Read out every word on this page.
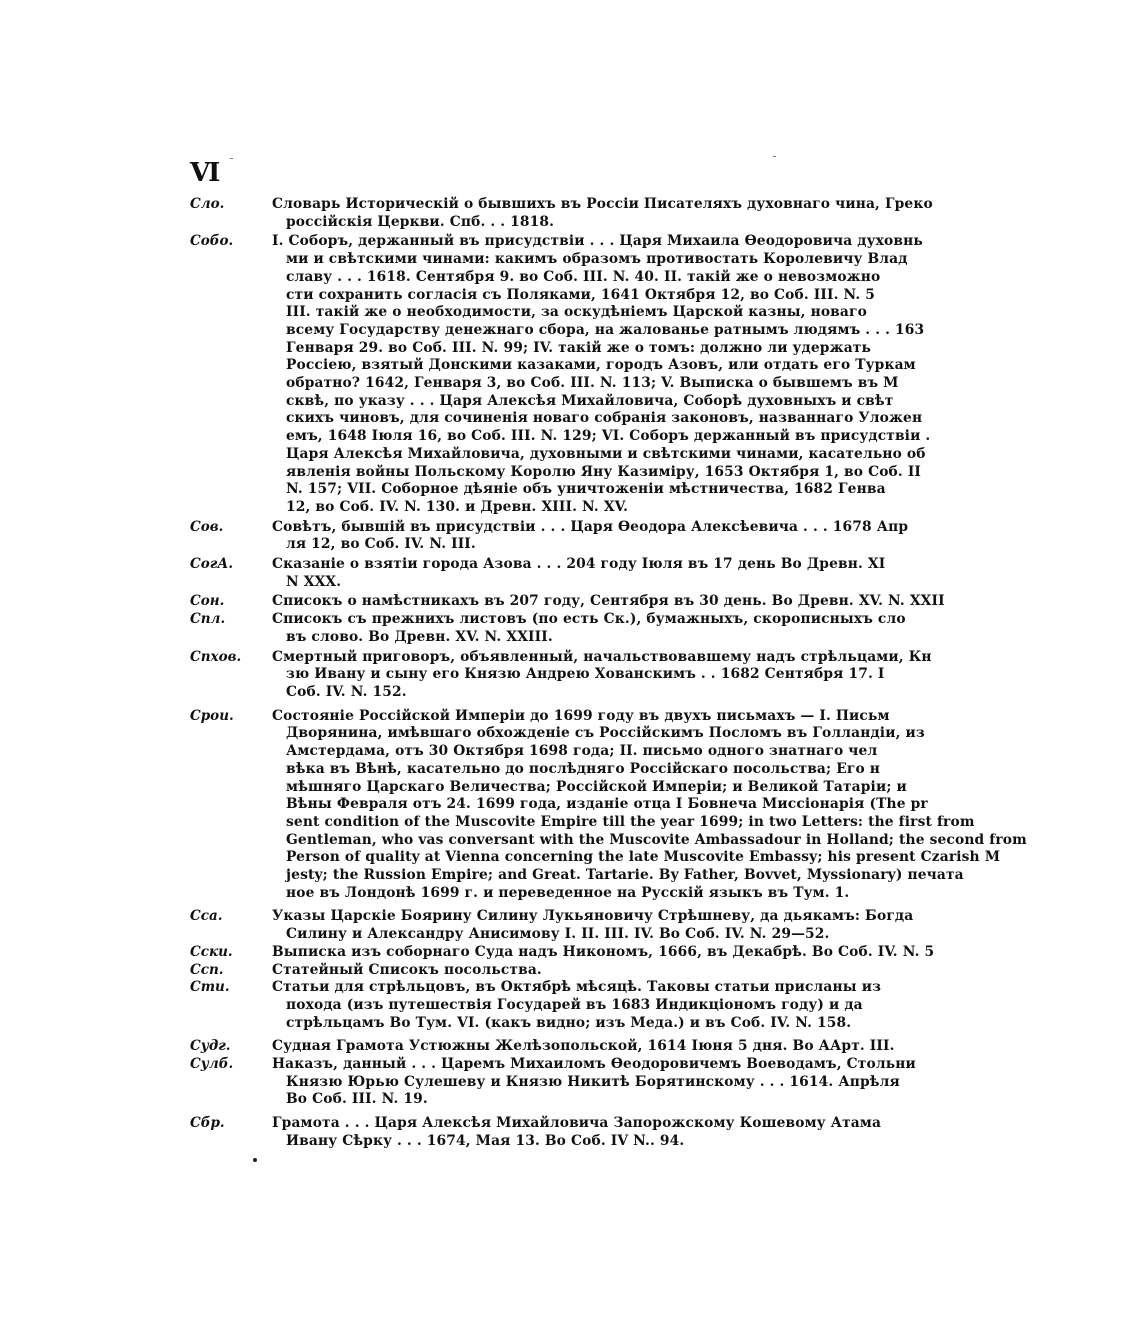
VI
Сло.	Словарь Историческій о бывшихъ въ Россіи Писателяхъ духовнаго чина, Греко
россійскія Церкви. Спб. . . 1818.
Собо.	I. Соборъ, держанный въ присудствіи . . . Царя Михаила Өеодоровича духовнь
ми и свѣтскими чинами: какимъ образомъ противостать Королевичу Влад
славу . . . 1618. Сентября 9. во Соб. III. N. 40. II. такій же о невозможно
сти сохранить согласія съ Поляками, 1641 Октября 12, во Соб. III. N. 5
III. такій же о необходимости, за оскудѣніемъ Царской казны, новаго
всему Государству денежнаго сбора, на жалованье ратнымъ людямъ . . . 163
Генваря 29. во Соб. III. N. 99; IV. такій же о томъ: должно ли удержать
Россіею, взятый Донскими казаками, городъ Азовъ, или отдать его Туркам
обратно? 1642, Генваря 3, во Соб. III. N. 113; V. Выписка о бывшемъ въ М
сквѣ, по указу . . . Царя Алексѣя Михайловича, Соборѣ духовныхъ и свѣт
скихъ чиновъ, для сочиненія новаго собранія законовъ, названнаго Уложен
емъ, 1648 Іюля 16, во Соб. III. N. 129; VI. Соборъ держанный въ присудствіи .
Царя Алексѣя Михайловича, духовными и свѣтскими чинами, касательно об
явленія войны Польскому Королю Яну Казиміру, 1653 Октября 1, во Соб. II
N. 157; VII. Соборное дѣяніе объ уничтоженіи мѣстничества, 1682 Генва
12, во Соб. IV. N. 130. и Древн. XIII. N. XV.
Сов.	Совѣтъ, бывшій въ присудствіи . . . Царя Өеодора Алексѣевича . . . 1678 Апр
ля 12, во Соб. IV. N. III.
СогА.	Сказаніе о взятіи города Азова . . . 204 году Іюля въ 17 день Во Древн. XI
N XXX.
Сон.	Списокъ о намѣстникахъ въ 207 году, Сентября въ 30 день. Во Древн. XV. N. XXII
Спл.	Списокъ съ прежнихъ листовъ (по есть Ск.), бумажныхъ, скорописныхъ сло
въ слово. Во Древн. XV. N. XXIII.
Спхов.	Смертный приговоръ, объявленный, начальствовавшему надъ стрѣльцами, Кн
зю Ивану и сыну его Князю Андрею Хованскимъ . . 1682 Сентября 17. I
Соб. IV. N. 152.
Срои.	Состояніе Россійской Имперіи до 1699 году въ двухъ письмахъ — I. Письм
Дворянина, имѣвшаго обхожденіе съ Россійскимъ Посломъ въ Голландіи, из
Амстердама, отъ 30 Октября 1698 года; II. письмо одного знатнаго чел
вѣка въ Вѣнѣ, касательно до послѣдняго Россійскаго посольства; Его н
мѣшняго Царскаго Величества; Россійской Имперіи; и Великой Татаріи; и
Вѣны Февраля отъ 24. 1699 года, изданіе отца I Бовнеча Миссіонарія (The pr
sent condition of the Muscovite Empire till the year 1699; in two Letters: the first from
Gentleman, who vas conversant with the Muscovite Ambassadour in Holland; the second from
Person of quality at Vienna concerning the late Muscovite Embassy; his present Czarish M
jesty; the Russion Empire; and Great. Tartarie. By Father, Bovvet, Myssionary) печата
ное въ Лондонѣ 1699 г. и переведенное на Русскій языкъ въ Тум. 1.
Сса.	Указы Царскіе Боярину Силину Лукьяновичу Стрѣшневу, да дьякамъ: Богда
Силину и Александру Анисимову I. II. III. IV. Во Соб. IV. N. 29—52.
Сски.	Выписка изъ соборнаго Суда надъ Никономъ, 1666, въ Декабрѣ. Во Соб. IV. N. 5
Ссп.	Статейный Списокъ посольства.
Сти.	Статьи для стрѣльцовъ, въ Октябрѣ мѣсяцѣ. Таковы статьи присланы из
похода (изъ путешествія Государей въ 1683 Индикціономъ году) и да
стрѣльцамъ Во Тум. VI. (какъ видно; изъ Меда.) и въ Соб. IV. N. 158.
Судг.	Судная Грамота Устюжны Желѣзопольской, 1614 Іюня 5 дня. Во ААрт. III.
Сулб.	Наказъ, данный . . . Царемъ Михаиломъ Өеодоровичемъ Воеводамъ, Стольни
Князю Юрью Сулешеву и Князю Никитѣ Борятинскому . . . 1614. Апрѣля
Во Соб. III. N. 19.
Сбр.	Грамота . . . Царя Алексѣя Михайловича Запорожскому Кошевому Атама
Ивану Сѣрку . . . 1674, Мая 13. Во Соб. IV N.. 94.
